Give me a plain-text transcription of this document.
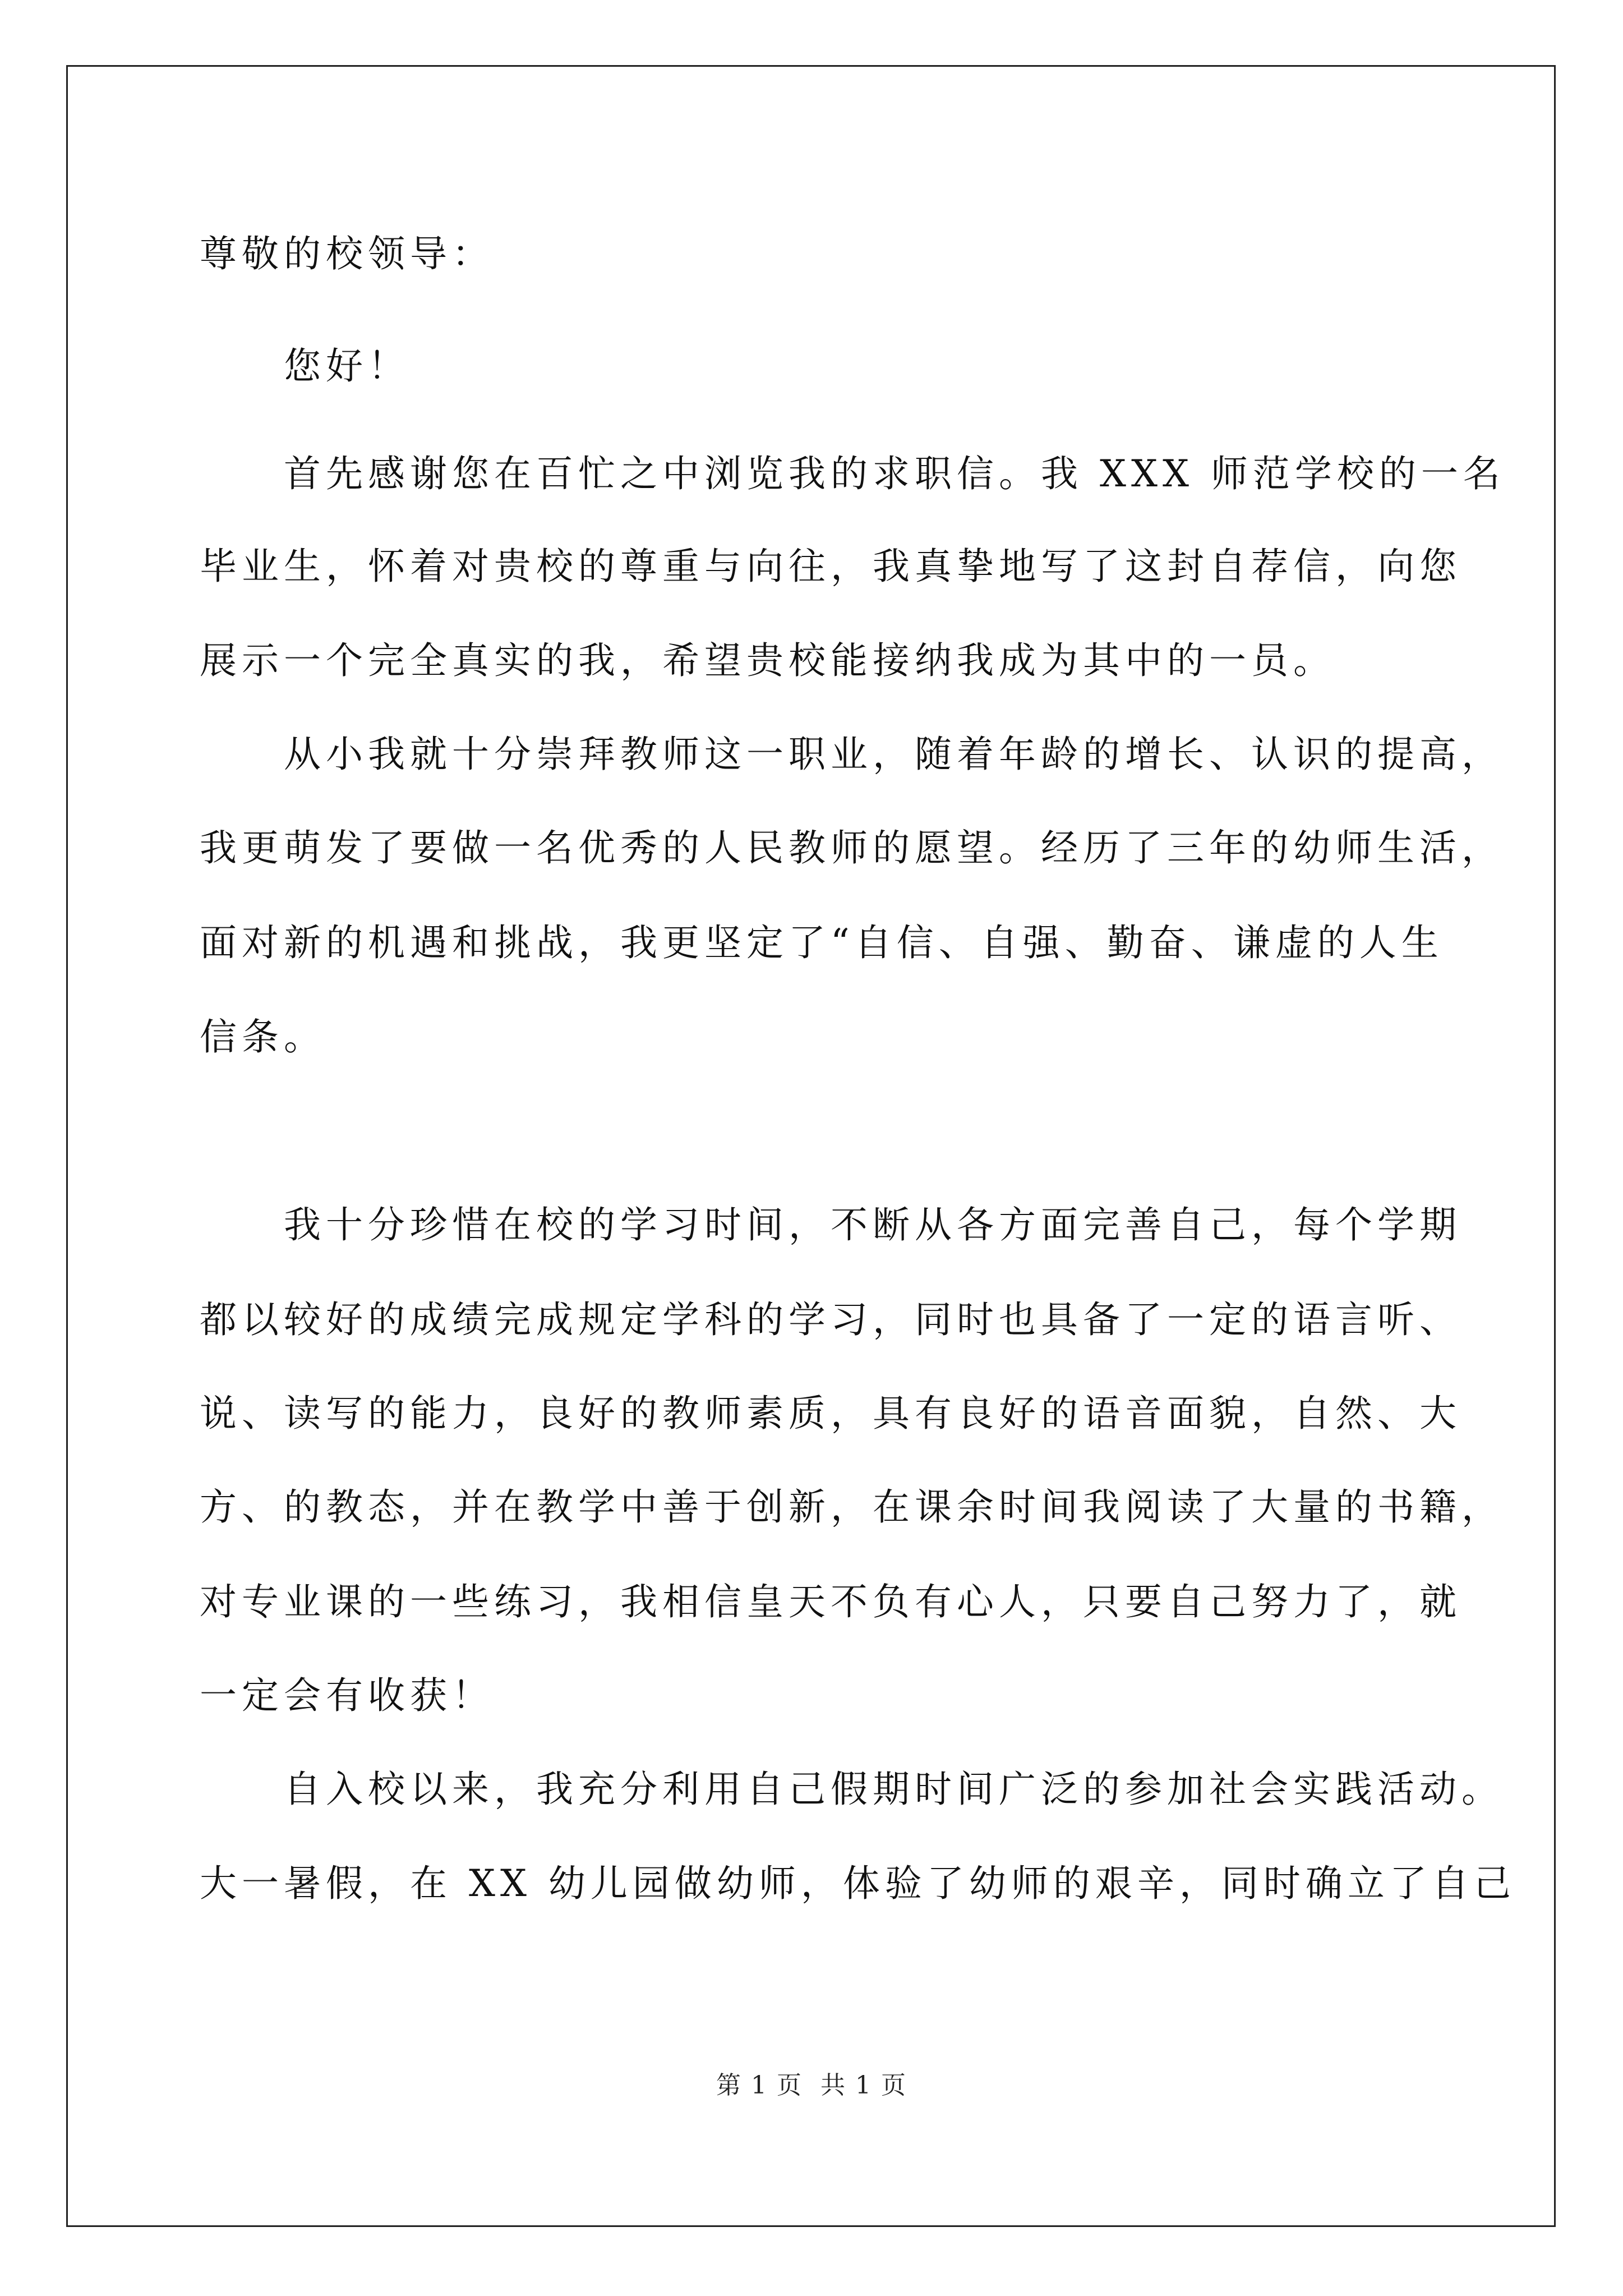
尊敬的校领导：
您好！
首先感谢您在百忙之中浏览我的求职信。我 XXX 师范学校的一名
毕业生，怀着对贵校的尊重与向往，我真挚地写了这封自荐信，向您
展示一个完全真实的我，希望贵校能接纳我成为其中的一员。
从小我就十分崇拜教师这一职业，随着年龄的增长、认识的提高，
我更萌发了要做一名优秀的人民教师的愿望。经历了三年的幼师生活，
面对新的机遇和挑战，我更坚定了“自信、自强、勤奋、谦虚的人生
信条。
我十分珍惜在校的学习时间，不断从各方面完善自己，每个学期
都以较好的成绩完成规定学科的学习，同时也具备了一定的语言听、
说、读写的能力，良好的教师素质，具有良好的语音面貌，自然、大
方、的教态，并在教学中善于创新，在课余时间我阅读了大量的书籍，
对专业课的一些练习，我相信皇天不负有心人，只要自己努力了，就
一定会有收获！
自入校以来，我充分利用自己假期时间广泛的参加社会实践活动。
大一暑假，在 XX 幼儿园做幼师，体验了幼师的艰辛，同时确立了自己
第 1 页 共 1 页
